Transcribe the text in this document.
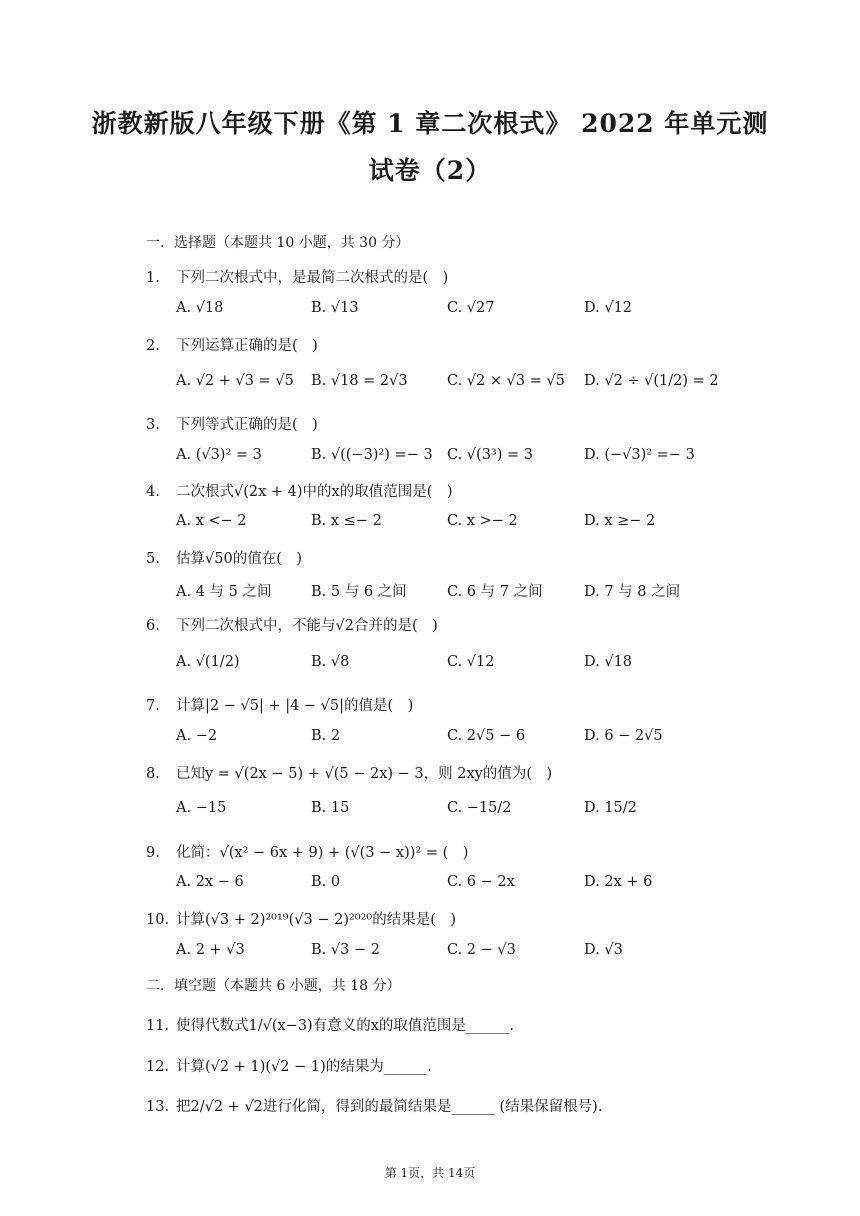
浙教新版八年级下册《第 1 章二次根式》 2022 年单元测
试卷（2）
一．选择题（本题共 10 小题，共 30 分）
1. 下列二次根式中，是最简二次根式的是(　)
A. √18	B. √13	C. √27	D. √12
2. 下列运算正确的是(　)
A. √2 + √3 = √5 B. √18 = 2√3	C. √2 × √3 = √5 D. √2 ÷ √(1/2) = 2
3. 下列等式正确的是(　)
A. (√3)² = 3	B. √((−3)²) =− 3 C. √(3³) = 3	D. (−√3)² =− 3
4. 二次根式√(2x + 4)中的x的取值范围是(　)
A. x <− 2	B. x ≤− 2	C. x >− 2	D. x ≥− 2
5. 估算√50的值在(　)
A. 4 与 5 之间	B. 5 与 6 之间	C. 6 与 7 之间	D. 7 与 8 之间
6. 下列二次根式中，不能与√2合并的是(　)
A. √(1/2)	B. √8	C. √12	D. √18
7. 计算|2 − √5| + |4 − √5|的值是(　)
A. −2	B. 2	C. 2√5 − 6	D. 6 − 2√5
8. 已知y = √(2x − 5) + √(5 − 2x) − 3，则 2xy的值为(　)
A. −15	B. 15	C. −15/2	D. 15/2
9. 化简：√(x² − 6x + 9) + (√(3 − x))² = (　)
A. 2x − 6	B. 0	C. 6 − 2x	D. 2x + 6
10. 计算(√3 + 2)²⁰¹⁹(√3 − 2)²⁰²⁰的结果是(　)
A. 2 + √3	B. √3 − 2	C. 2 − √3	D. √3
二．填空题（本题共 6 小题，共 18 分）
11. 使得代数式1/√(x−3)有意义的x的取值范围是______.
12. 计算(√2 + 1)(√2 − 1)的结果为______.
13. 把2/√2 + √2进行化简，得到的最简结果是______ (结果保留根号).
第 1页，共 14页
